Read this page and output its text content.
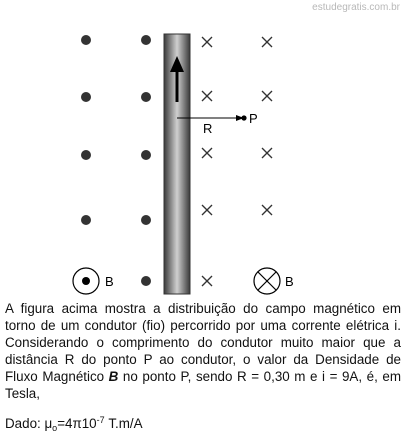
estudegratis.com.br
R
P
B	B

A figura acima mostra a distribuição do campo magnético em torno de um condutor (fio) percorrido por uma corrente elétrica i. Considerando o comprimento do condutor muito maior que a distância R do ponto P ao condutor, o valor da Densidade de Fluxo Magnético B no ponto P, sendo R = 0,30 m e i = 9A, é, em Tesla,

Dado: $\mu_o=4\pi 10^{-7}$ T.m/A
